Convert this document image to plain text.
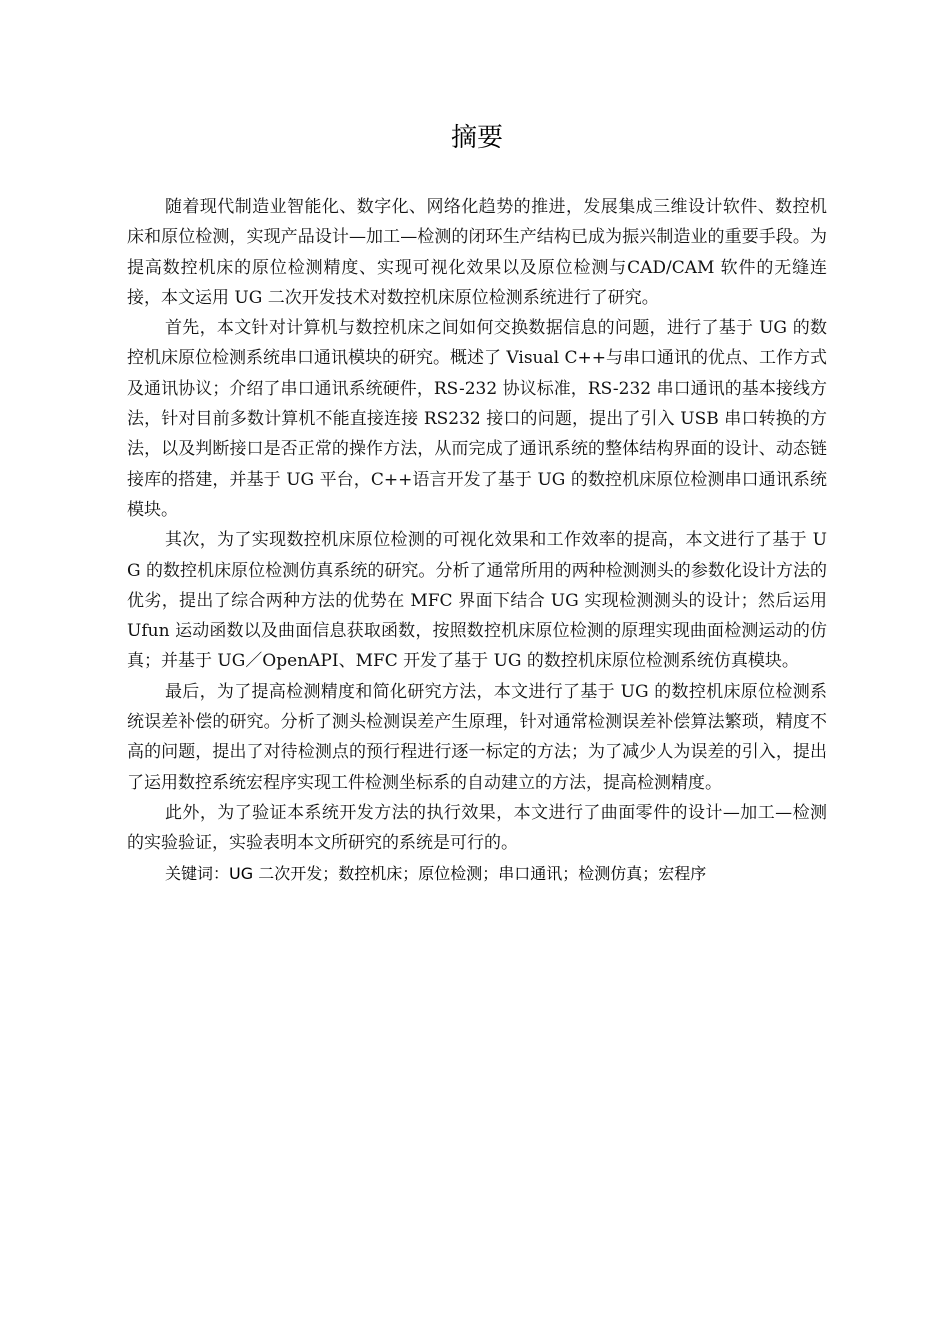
摘要

随着现代制造业智能化、数字化、网络化趋势的推进，发展集成三维设计软件、数控机床和原位检测，实现产品设计—加工—检测的闭环生产结构已成为振兴制造业的重要手段。为提高数控机床的原位检测精度、实现可视化效果以及原位检测与CAD/CAM 软件的无缝连接，本文运用 UG 二次开发技术对数控机床原位检测系统进行了研究。

首先，本文针对计算机与数控机床之间如何交换数据信息的问题，进行了基于 UG 的数控机床原位检测系统串口通讯模块的研究。概述了 Visual C++与串口通讯的优点、工作方式及通讯协议；介绍了串口通讯系统硬件，RS-232 协议标准，RS-232 串口通讯的基本接线方法，针对目前多数计算机不能直接连接 RS232 接口的问题，提出了引入 USB 串口转换的方法，以及判断接口是否正常的操作方法，从而完成了通讯系统的整体结构界面的设计、动态链接库的搭建，并基于 UG 平台，C++语言开发了基于 UG 的数控机床原位检测串口通讯系统模块。

其次，为了实现数控机床原位检测的可视化效果和工作效率的提高，本文进行了基于 UG 的数控机床原位检测仿真系统的研究。分析了通常所用的两种检测测头的参数化设计方法的优劣，提出了综合两种方法的优势在 MFC 界面下结合 UG 实现检测测头的设计；然后运用 Ufun 运动函数以及曲面信息获取函数，按照数控机床原位检测的原理实现曲面检测运动的仿真；并基于 UG／OpenAPI、MFC 开发了基于 UG 的数控机床原位检测系统仿真模块。

最后，为了提高检测精度和简化研究方法，本文进行了基于 UG 的数控机床原位检测系统误差补偿的研究。分析了测头检测误差产生原理，针对通常检测误差补偿算法繁琐，精度不高的问题，提出了对待检测点的预行程进行逐一标定的方法；为了减少人为误差的引入，提出了运用数控系统宏程序实现工件检测坐标系的自动建立的方法，提高检测精度。

此外，为了验证本系统开发方法的执行效果，本文进行了曲面零件的设计—加工—检测的实验验证，实验表明本文所研究的系统是可行的。

关键词：UG 二次开发；数控机床；原位检测；串口通讯；检测仿真；宏程序
